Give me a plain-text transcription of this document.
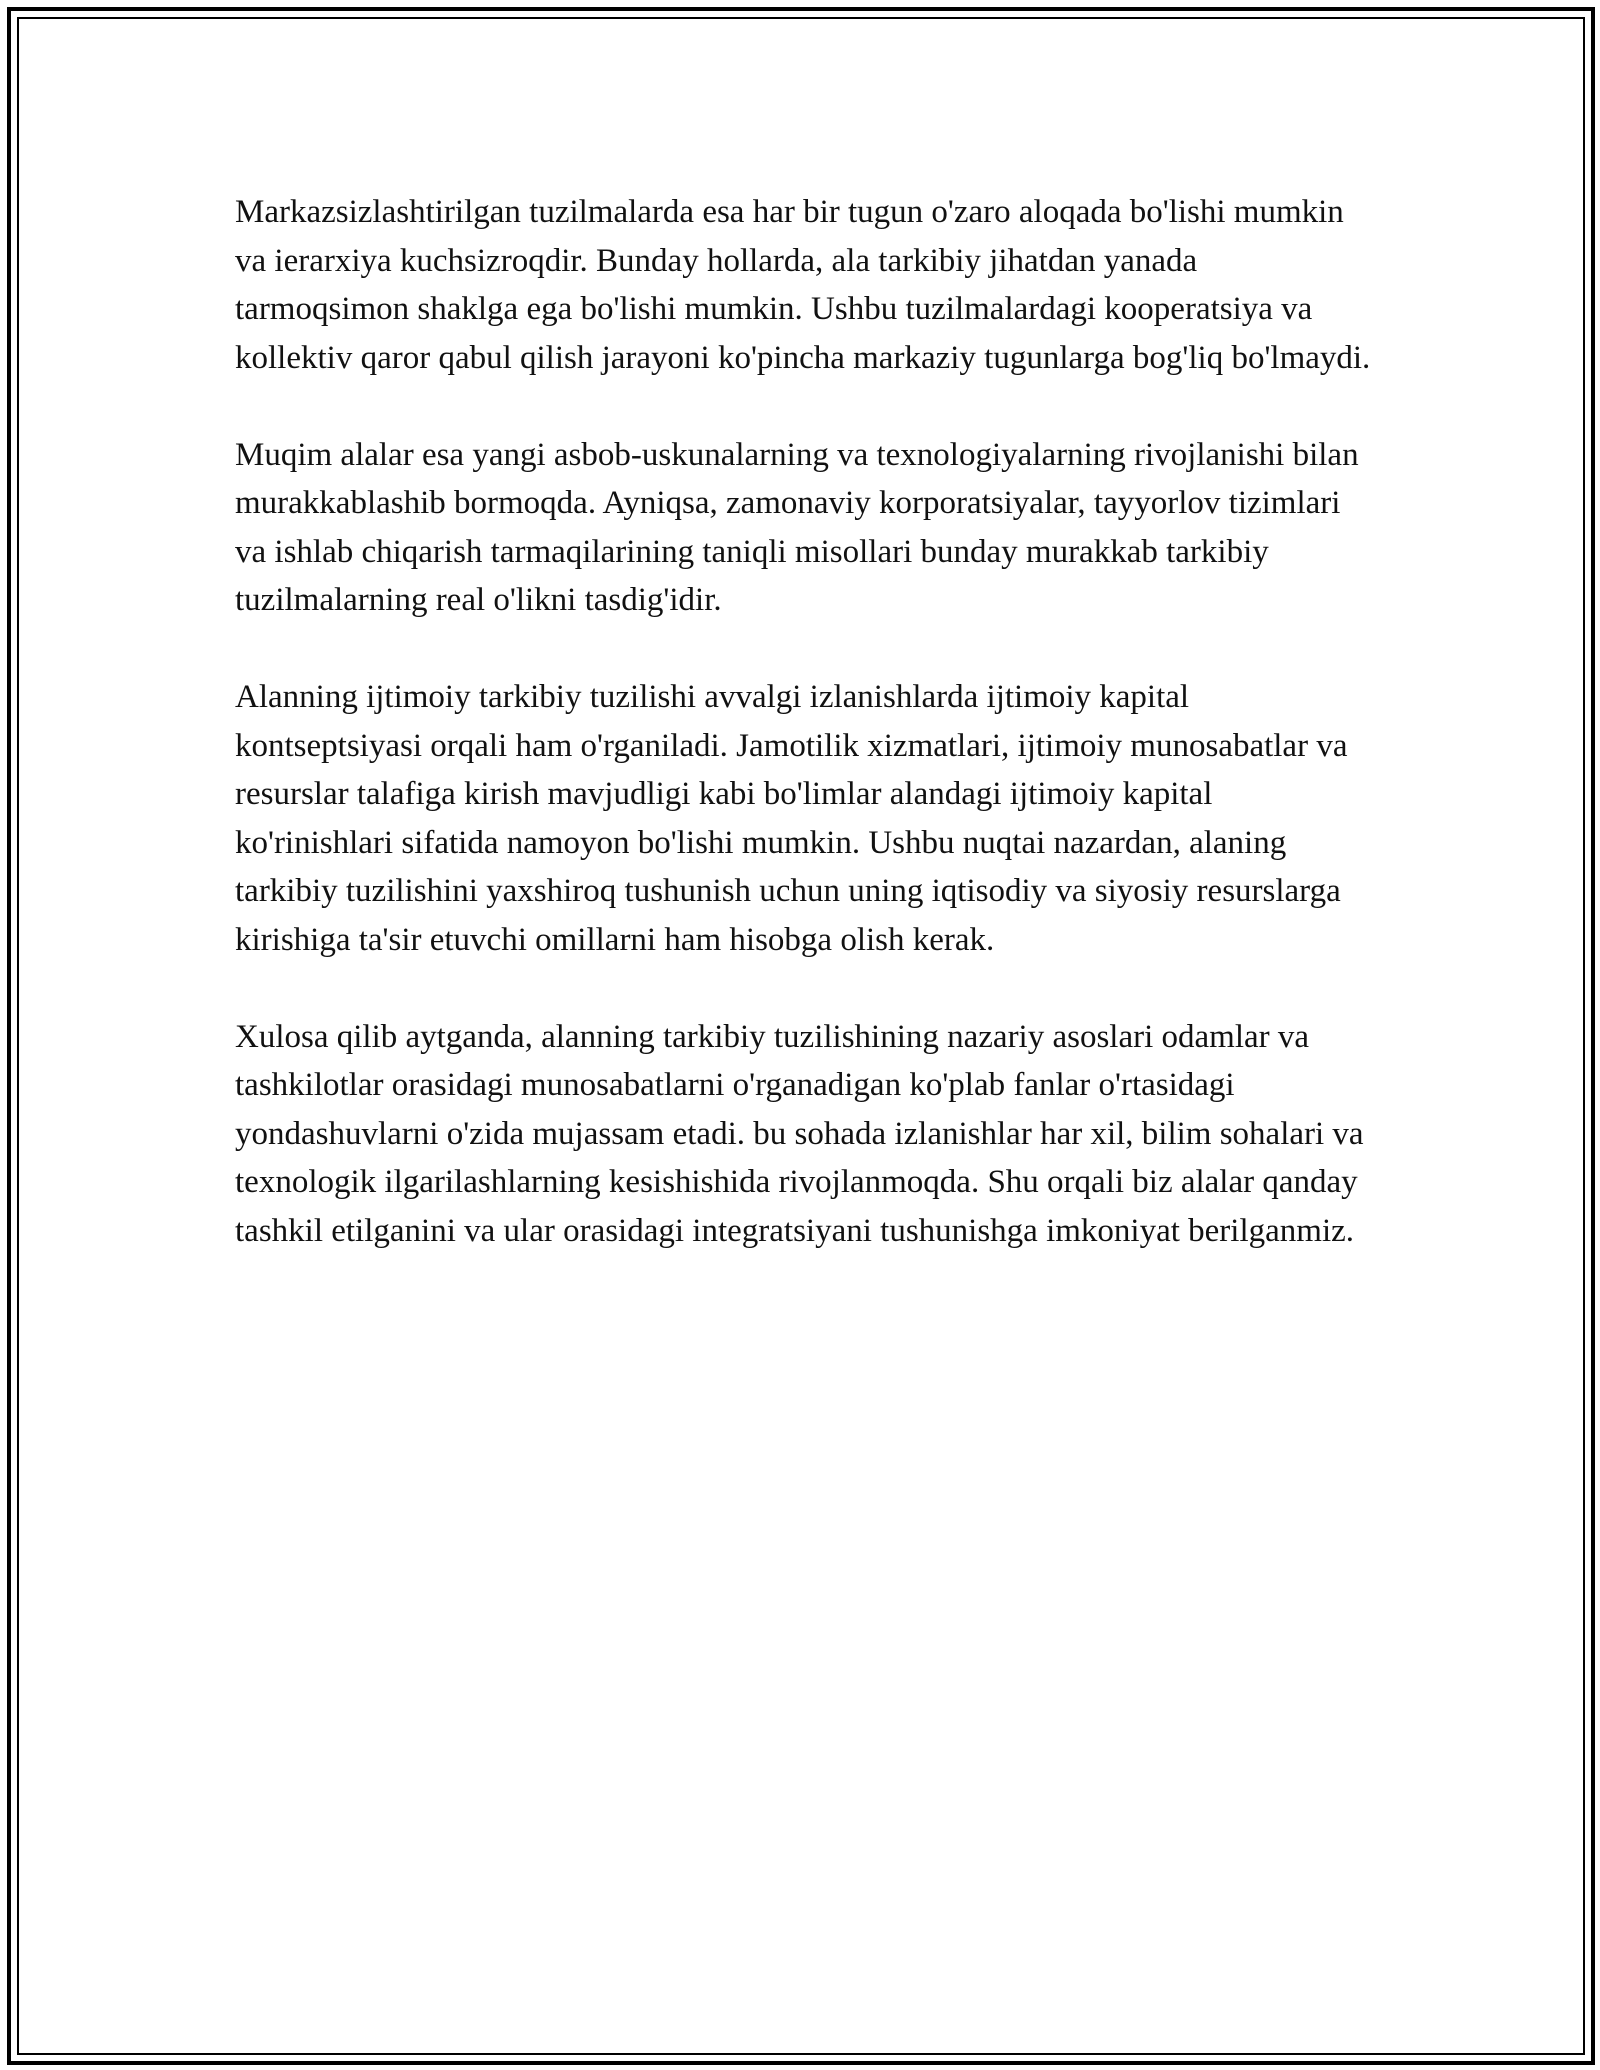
Markazsizlashtirilgan tuzilmalarda esa har bir tugun o'zaro aloqada bo'lishi mumkin va ierarxiya kuchsizroqdir. Bunday hollarda, ala tarkibiy jihatdan yanada tarmoqsimon shaklga ega bo'lishi mumkin. Ushbu tuzilmalardagi kooperatsiya va kollektiv qaror qabul qilish jarayoni ko'pincha markaziy tugunlarga bog'liq bo'lmaydi.

Muqim alalar esa yangi asbob-uskunalarning va texnologiyalarning rivojlanishi bilan murakkablashib bormoqda. Ayniqsa, zamonaviy korporatsiyalar, tayyorlov tizimlari va ishlab chiqarish tarmaqilarining taniqli misollari bunday murakkab tarkibiy tuzilmalarning real o'likni tasdig'idir.

Alanning ijtimoiy tarkibiy tuzilishi avvalgi izlanishlarda ijtimoiy kapital kontseptsiyasi orqali ham o'rganiladi. Jamotilik xizmatlari, ijtimoiy munosabatlar va resurslar talafiga kirish mavjudligi kabi bo'limlar alandagi ijtimoiy kapital ko'rinishlari sifatida namoyon bo'lishi mumkin. Ushbu nuqtai nazardan, alaning tarkibiy tuzilishini yaxshiroq tushunish uchun uning iqtisodiy va siyosiy resurslarga kirishiga ta'sir etuvchi omillarni ham hisobga olish kerak.

Xulosa qilib aytganda, alanning tarkibiy tuzilishining nazariy asoslari odamlar va tashkilotlar orasidagi munosabatlarni o'rganadigan ko'plab fanlar o'rtasidagi yondashuvlarni o'zida mujassam etadi. bu sohada izlanishlar har xil, bilim sohalari va texnologik ilgarilashlarning kesishishida rivojlanmoqda. Shu orqali biz alalar qanday tashkil etilganini va ular orasidagi integratsiyani tushunishga imkoniyat berilganmiz.
